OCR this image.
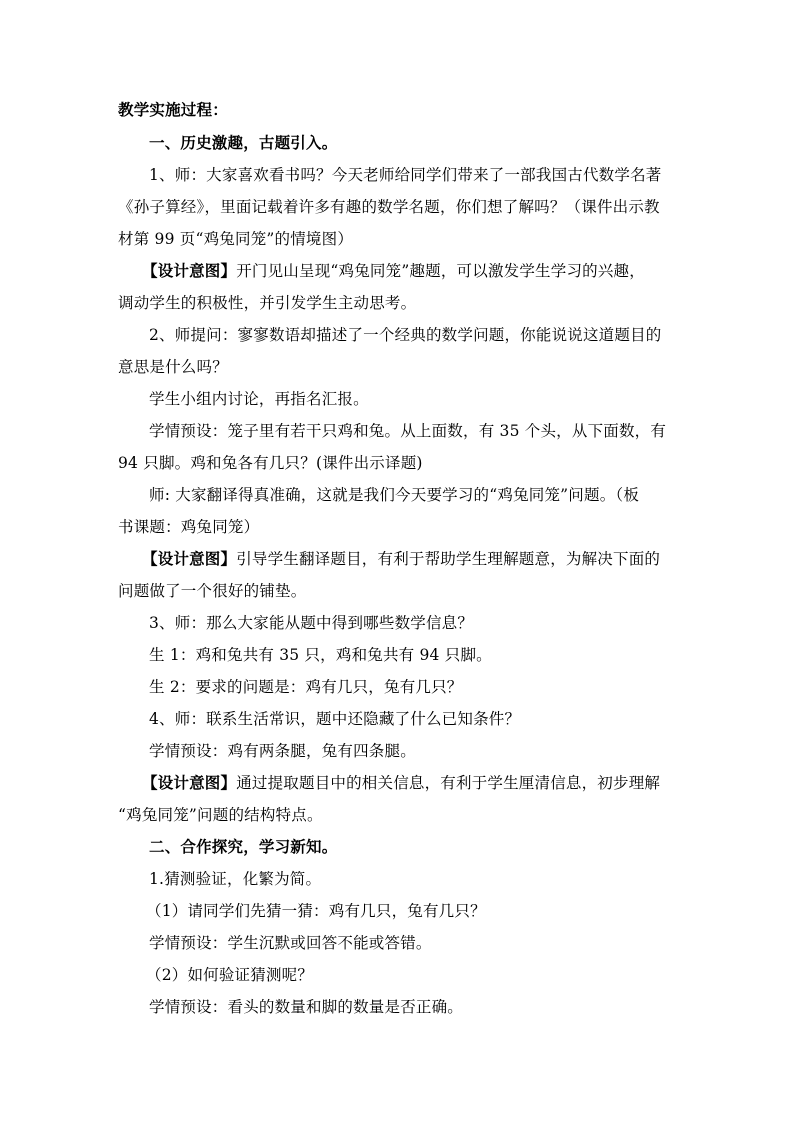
教学实施过程：
一、历史激趣，古题引入。
1、师：大家喜欢看书吗？今天老师给同学们带来了一部我国古代数学名著
《孙子算经》，里面记载着许多有趣的数学名题，你们想了解吗？（课件出示教
材第 99 页“鸡兔同笼”的情境图）
【设计意图】开门见山呈现“鸡兔同笼”趣题，可以激发学生学习的兴趣，
调动学生的积极性，并引发学生主动思考。
2、师提问：寥寥数语却描述了一个经典的数学问题，你能说说这道题目的
意思是什么吗？
学生小组内讨论，再指名汇报。
学情预设：笼子里有若干只鸡和兔。从上面数，有 35 个头，从下面数，有
94 只脚。鸡和兔各有几只？(课件出示译题)
师: 大家翻译得真准确，这就是我们今天要学习的“鸡兔同笼”问题。（板
书课题：鸡兔同笼）
【设计意图】引导学生翻译题目，有利于帮助学生理解题意，为解决下面的
问题做了一个很好的铺垫。
3、师：那么大家能从题中得到哪些数学信息？
生 1：鸡和兔共有 35 只，鸡和兔共有 94 只脚。
生 2：要求的问题是：鸡有几只，兔有几只？
4、师：联系生活常识，题中还隐藏了什么已知条件？
学情预设：鸡有两条腿，兔有四条腿。
【设计意图】通过提取题目中的相关信息，有利于学生厘清信息，初步理解
“鸡兔同笼”问题的结构特点。
二、合作探究，学习新知。
1.猜测验证，化繁为简。
（1）请同学们先猜一猜：鸡有几只，兔有几只？
学情预设：学生沉默或回答不能或答错。
（2）如何验证猜测呢？
学情预设：看头的数量和脚的数量是否正确。
